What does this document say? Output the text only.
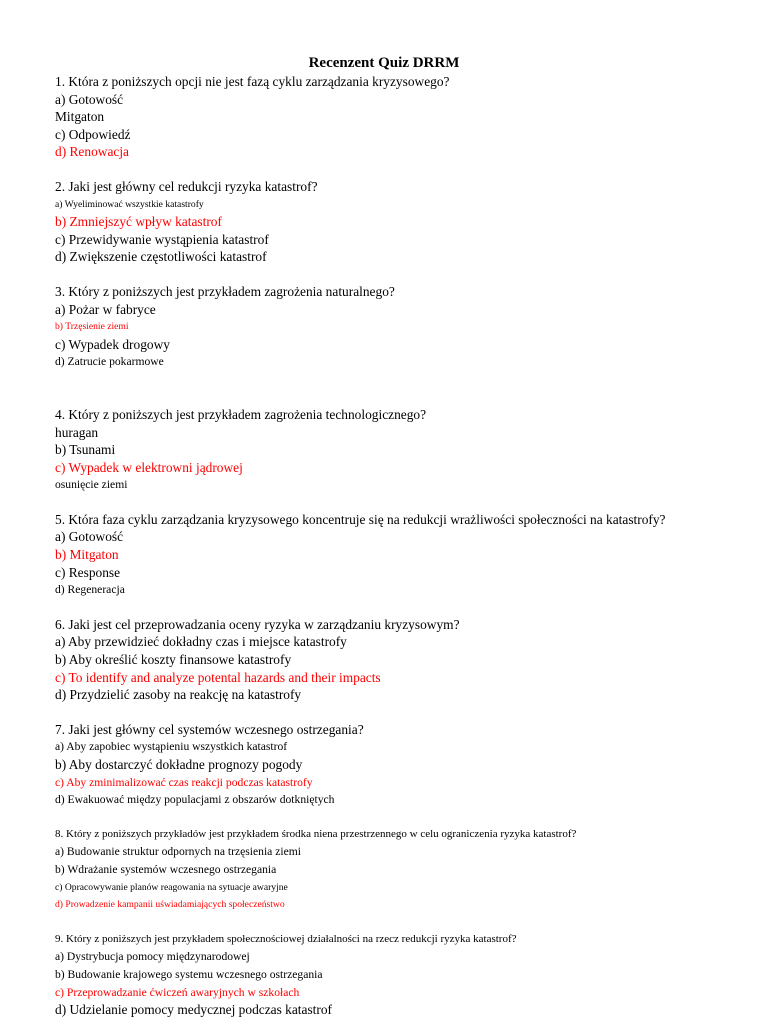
Recenzent Quiz DRRM
1. Która z poniższych opcji nie jest fazą cyklu zarządzania kryzysowego?
a) Gotowość
Mitgaton
c) Odpowiedź
d) Renowacja
2. Jaki jest główny cel redukcji ryzyka katastrof?
a) Wyeliminować wszystkie katastrofy
b) Zmniejszyć wpływ katastrof
c) Przewidywanie wystąpienia katastrof
d) Zwiększenie częstotliwości katastrof
3. Który z poniższych jest przykładem zagrożenia naturalnego?
a) Pożar w fabryce
b) Trzęsienie ziemi
c) Wypadek drogowy
d) Zatrucie pokarmowe
4. Który z poniższych jest przykładem zagrożenia technologicznego?
huragan
b) Tsunami
c) Wypadek w elektrowni jądrowej
osunięcie ziemi
5. Która faza cyklu zarządzania kryzysowego koncentruje się na redukcji wrażliwości społeczności na katastrofy?
a) Gotowość
b) Mitgaton
c) Response
d) Regeneracja
6. Jaki jest cel przeprowadzania oceny ryzyka w zarządzaniu kryzysowym?
a) Aby przewidzieć dokładny czas i miejsce katastrofy
b) Aby określić koszty finansowe katastrofy
c) To identify and analyze potental hazards and their impacts
d) Przydzielić zasoby na reakcję na katastrofy
7. Jaki jest główny cel systemów wczesnego ostrzegania?
a) Aby zapobiec wystąpieniu wszystkich katastrof
b) Aby dostarczyć dokładne prognozy pogody
c) Aby zminimalizować czas reakcji podczas katastrofy
d) Ewakuować między populacjami z obszarów dotkniętych
8. Który z poniższych przykładów jest przykładem środka niena przestrzennego w celu ograniczenia ryzyka katastrof?
a) Budowanie struktur odpornych na trzęsienia ziemi
b) Wdrażanie systemów wczesnego ostrzegania
c) Opracowywanie planów reagowania na sytuacje awaryjne
d) Prowadzenie kampanii uświadamiających społeczeństwo
9. Który z poniższych jest przykładem społecznościowej działalności na rzecz redukcji ryzyka katastrof?
a) Dystrybucja pomocy międzynarodowej
b) Budowanie krajowego systemu wczesnego ostrzegania
c) Przeprowadzanie ćwiczeń awaryjnych w szkołach
d) Udzielanie pomocy medycznej podczas katastrof
